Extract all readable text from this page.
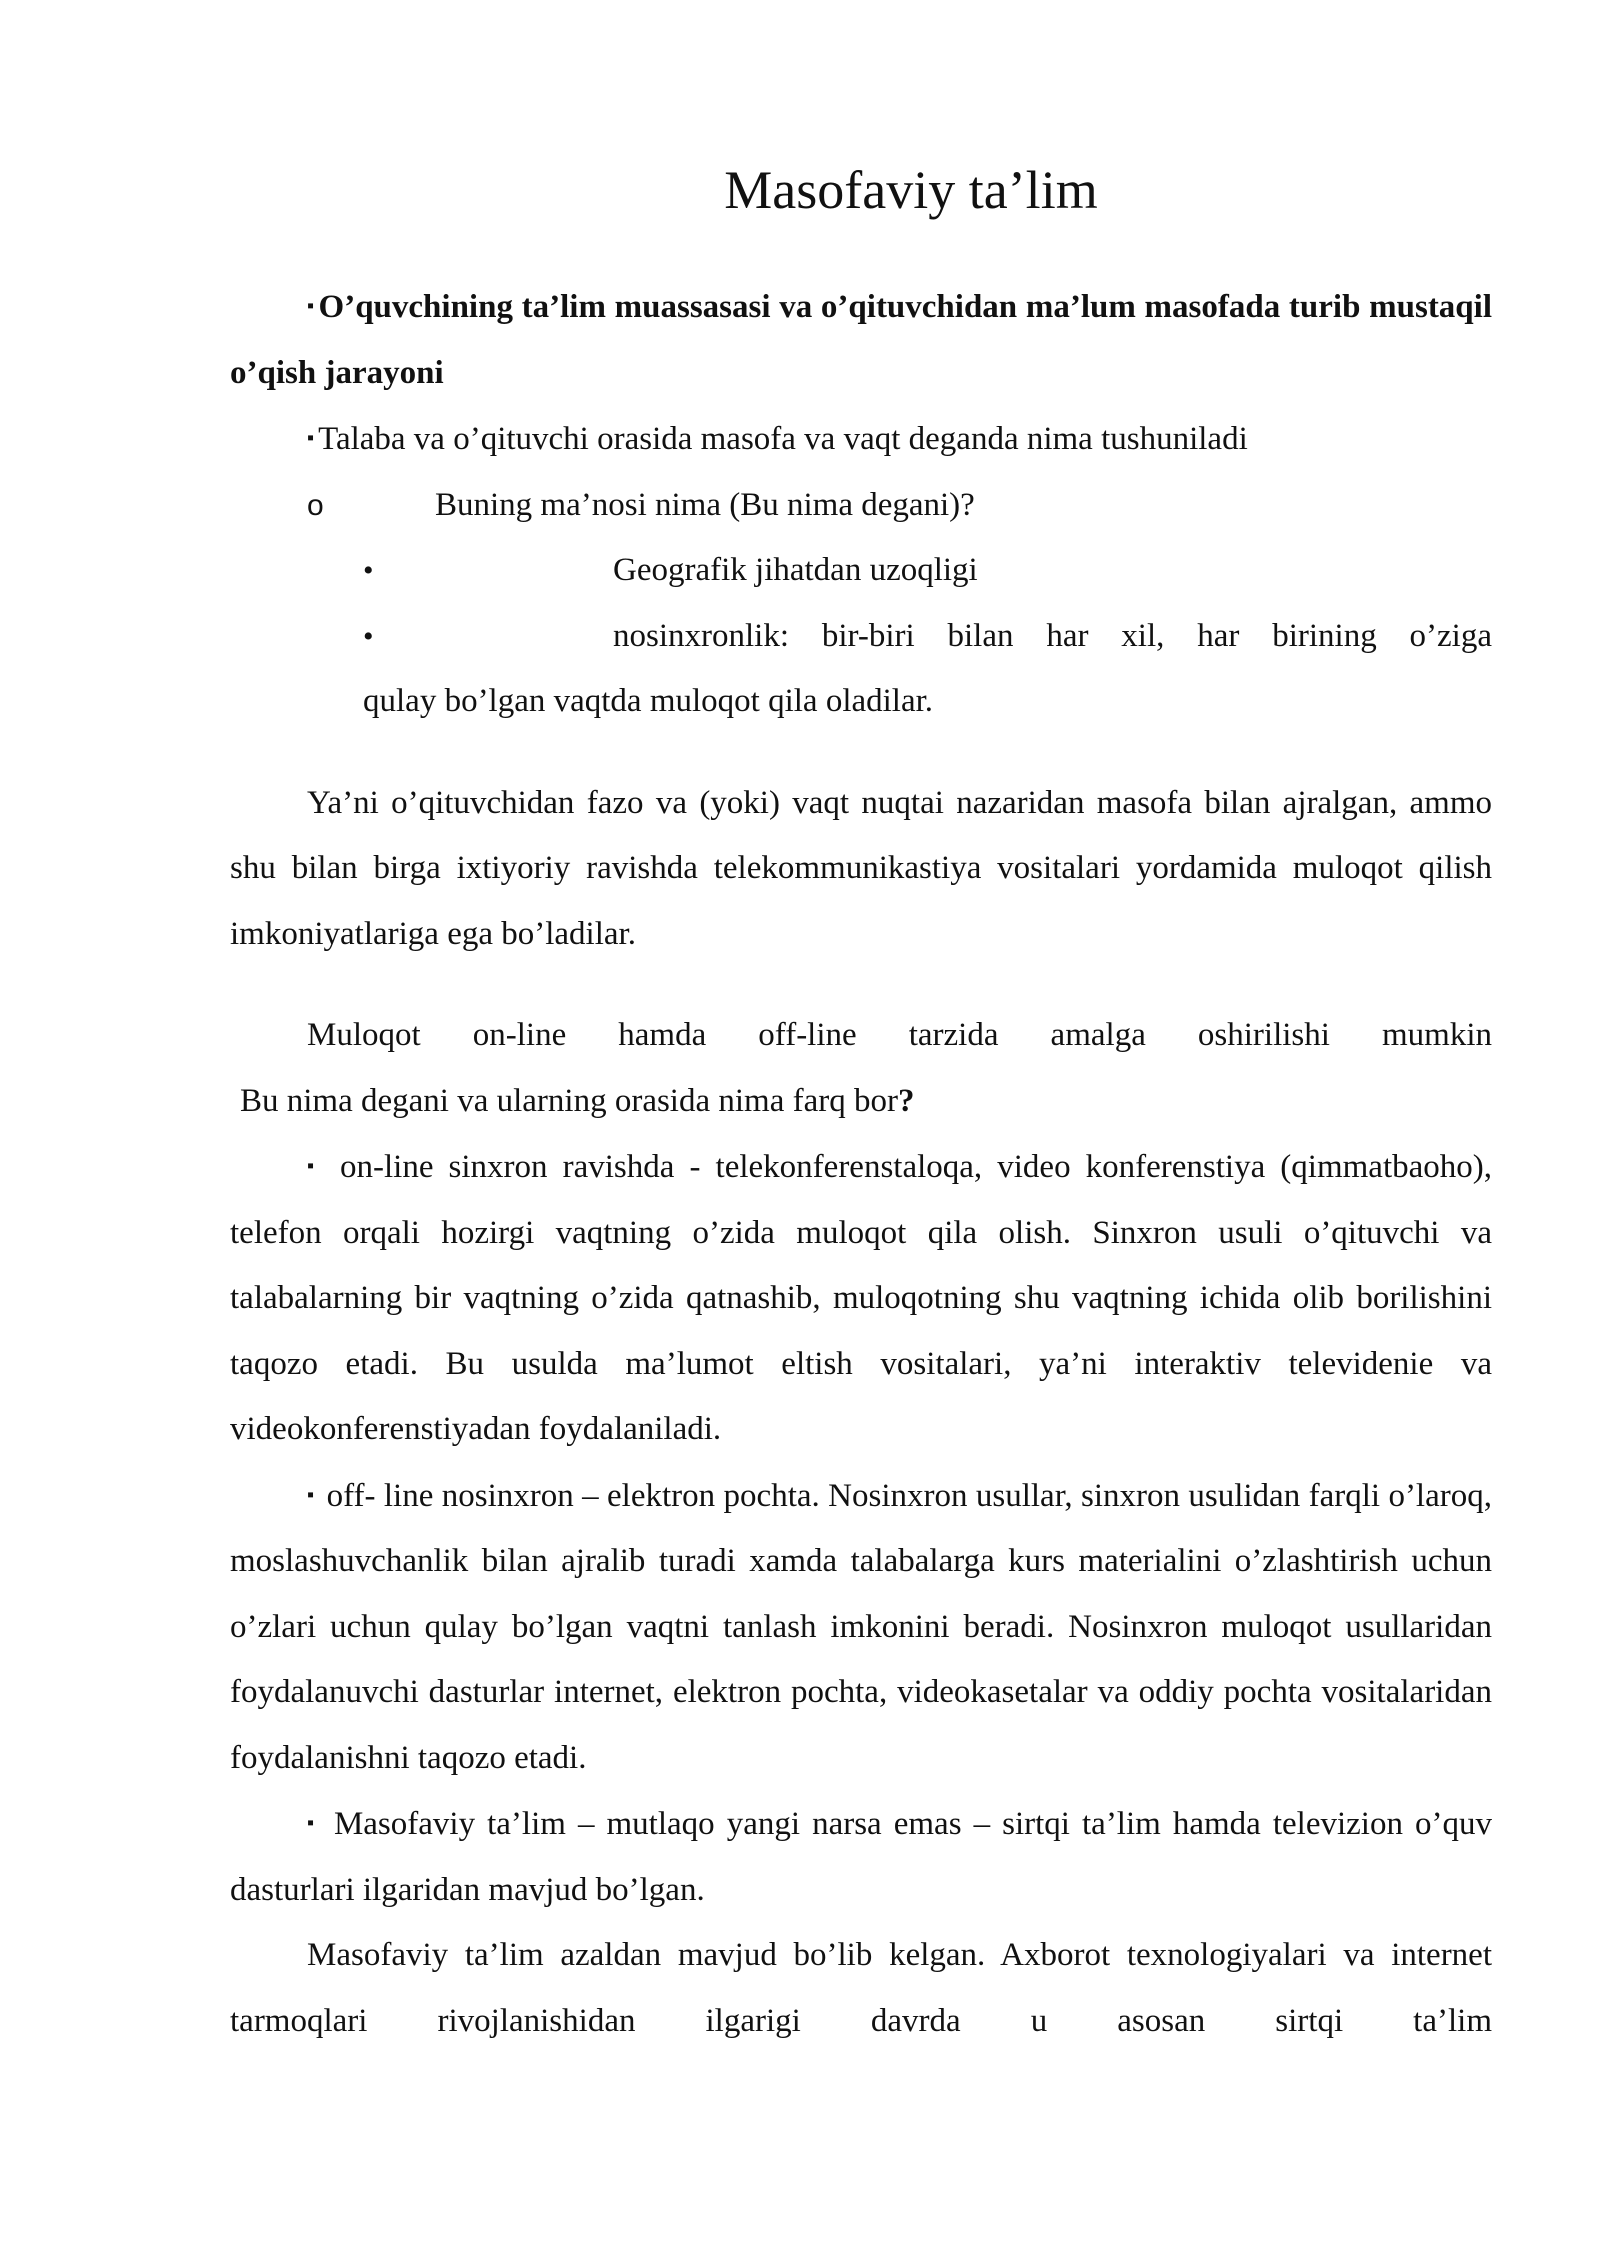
Masofaviy ta’lim

▪ O’quvchining ta’lim muassasasi va o’qituvchidan ma’lum masofada turib mustaqil o’qish jarayoni

▪ Talaba va o’qituvchi orasida masofa va vaqt deganda nima tushuniladi

o	Buning ma’nosi nima (Bu nima degani)?
•	Geografik jihatdan uzoqligi
•	nosinxronlik: bir-biri bilan har xil, har birining o’ziga

qulay bo’lgan vaqtda muloqot qila oladilar.

Ya’ni o’qituvchidan fazo va (yoki) vaqt nuqtai nazaridan masofa bilan ajralgan, ammo shu bilan birga ixtiyoriy ravishda telekommunikastiya vositalari yordamida muloqot qilish imkoniyatlariga ega bo’ladilar.

Muloqot on-line hamda off-line tarzida amalga oshirilishi mumkin

Bu nima degani va ularning orasida nima farq bor?

▪ on-line sinxron ravishda - telekonferenstaloqa, video konferenstiya (qimmatbaoho), telefon orqali hozirgi vaqtning o’zida muloqot qila olish. Sinxron usuli o’qituvchi va talabalarning bir vaqtning o’zida qatnashib, muloqotning shu vaqtning ichida olib borilishini taqozo etadi. Bu usulda ma’lumot eltish vositalari, ya’ni interaktiv televidenie va videokonferenstiyadan foydalaniladi.

▪ off- line nosinxron – elektron pochta. Nosinxron usullar, sinxron usulidan farqli o’laroq, moslashuvchanlik bilan ajralib turadi xamda talabalarga kurs materialini o’zlashtirish uchun o’zlari uchun qulay bo’lgan vaqtni tanlash imkonini beradi. Nosinxron muloqot usullaridan foydalanuvchi dasturlar internet, elektron pochta, videokasetalar va oddiy pochta vositalaridan foydalanishni taqozo etadi.

▪ Masofaviy ta’lim – mutlaqo yangi narsa emas – sirtqi ta’lim hamda televizion o’quv dasturlari ilgaridan mavjud bo’lgan.

Masofaviy ta’lim azaldan mavjud bo’lib kelgan. Axborot texnologiyalari va internet tarmoqlari rivojlanishidan ilgarigi davrda u asosan sirtqi ta’lim
